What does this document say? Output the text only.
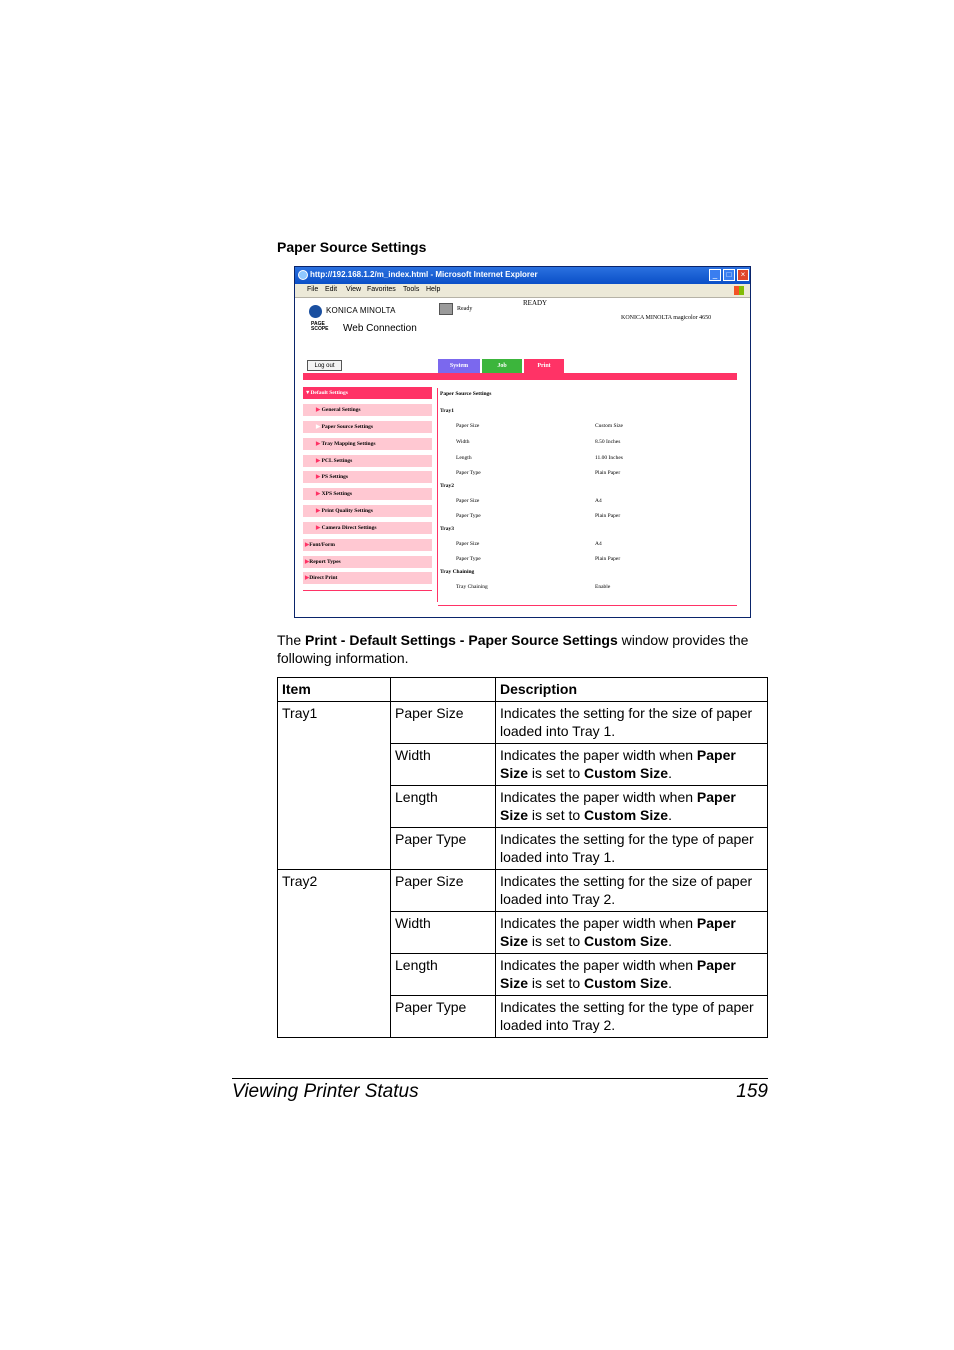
Paper Source Settings
http://192.168.1.2/m_index.html - Microsoft Internet Explorer	_	□	×
File Edit View Favorites Tools Help
KONICA MINOLTA
PAGE
SCOPE Web Connection
Ready
READY
KONICA MINOLTA magicolor 4650
Log out	System	Job	Print
▼Default Settings
▶ General Settings
▶ Paper Source Settings
▶ Tray Mapping Settings
▶ PCL Settings
▶ PS Settings
▶ XPS Settings
▶ Print Quality Settings
▶ Camera Direct Settings
▶Font/Form
▶Report Types
▶Direct Print
Paper Source Settings
Tray1
Paper Size	Custom Size
Width	8.50 Inches
Length	11.00 Inches
Paper Type	Plain Paper
Tray2
Paper Size	A4
Paper Type	Plain Paper
Tray3
Paper Size	A4
Paper Type	Plain Paper
Tray Chaining
Tray Chaining	Enable
The Print - Default Settings - Paper Source Settings window provides the following information.
Item		Description
Tray1	Paper Size	Indicates the setting for the size of paper loaded into Tray 1.
	Width	Indicates the paper width when Paper Size is set to Custom Size.
	Length	Indicates the paper width when Paper Size is set to Custom Size.
	Paper Type	Indicates the setting for the type of paper loaded into Tray 1.
Tray2	Paper Size	Indicates the setting for the size of paper loaded into Tray 2.
	Width	Indicates the paper width when Paper Size is set to Custom Size.
	Length	Indicates the paper width when Paper Size is set to Custom Size.
	Paper Type	Indicates the setting for the type of paper loaded into Tray 2.
Viewing Printer Status	159
